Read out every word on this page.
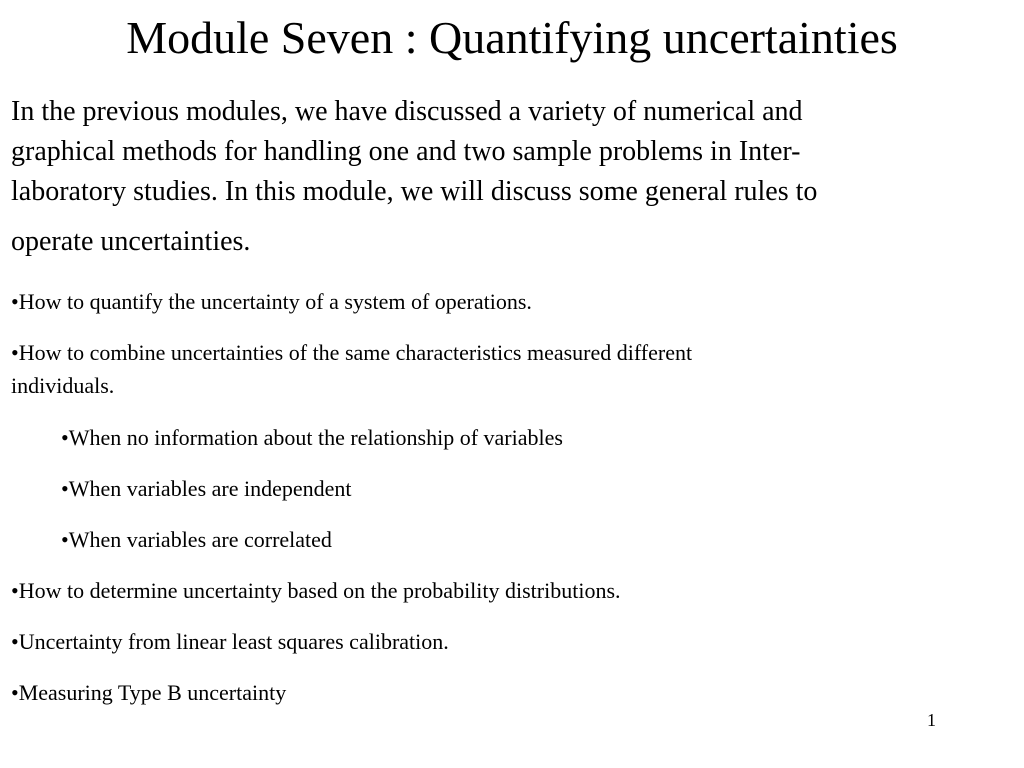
Module Seven : Quantifying uncertainties

In the previous modules, we have discussed a variety of numerical and
graphical methods for handling one and two sample problems in Inter-
laboratory studies. In this module, we will discuss some general rules to
operate uncertainties.

•How to quantify the uncertainty of a system of operations.
•How to combine uncertainties of the same characteristics measured different
individuals.
•When no information about the relationship of variables
•When variables are independent
•When variables are correlated
•How to determine uncertainty based on the probability distributions.
•Uncertainty from linear least squares calibration.
•Measuring Type B uncertainty
1
